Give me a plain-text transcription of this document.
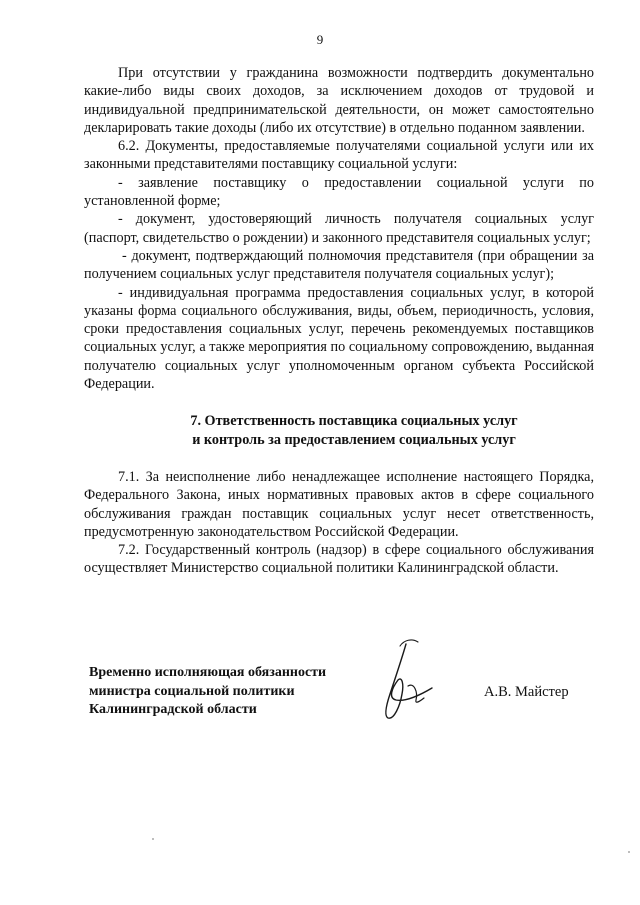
9

При отсутствии у гражданина возможности подтвердить документально какие-либо виды своих доходов, за исключением доходов от трудовой и индивидуальной предпринимательской деятельности, он может самостоятельно декларировать такие доходы (либо их отсутствие) в отдельно поданном заявлении.

6.2. Документы, предоставляемые получателями социальной услуги или их законными представителями поставщику социальной услуги:

- заявление поставщику о предоставлении социальной услуги по установленной форме;

- документ, удостоверяющий личность получателя социальных услуг (паспорт, свидетельство о рождении) и законного представителя социальных услуг;

- документ, подтверждающий полномочия представителя (при обращении за получением социальных услуг представителя получателя социальных услуг);

- индивидуальная программа предоставления социальных услуг, в которой указаны форма социального обслуживания, виды, объем, периодичность, условия, сроки предоставления социальных услуг, перечень рекомендуемых поставщиков социальных услуг, а также мероприятия по социальному сопровождению, выданная получателю социальных услуг уполномоченным органом субъекта Российской Федерации.

7. Ответственность поставщика социальных услуг

и контроль за предоставлением социальных услуг

7.1. За неисполнение либо ненадлежащее исполнение настоящего Порядка, Федерального Закона, иных нормативных правовых актов в сфере социального обслуживания граждан поставщик социальных услуг несет ответственность, предусмотренную законодательством Российской Федерации.

7.2. Государственный контроль (надзор) в сфере социального обслуживания осуществляет Министерство социальной политики Калининградской области.

Временно исполняющая обязанности
министра социальной политики
Калининградской области
А.В. Майстер
